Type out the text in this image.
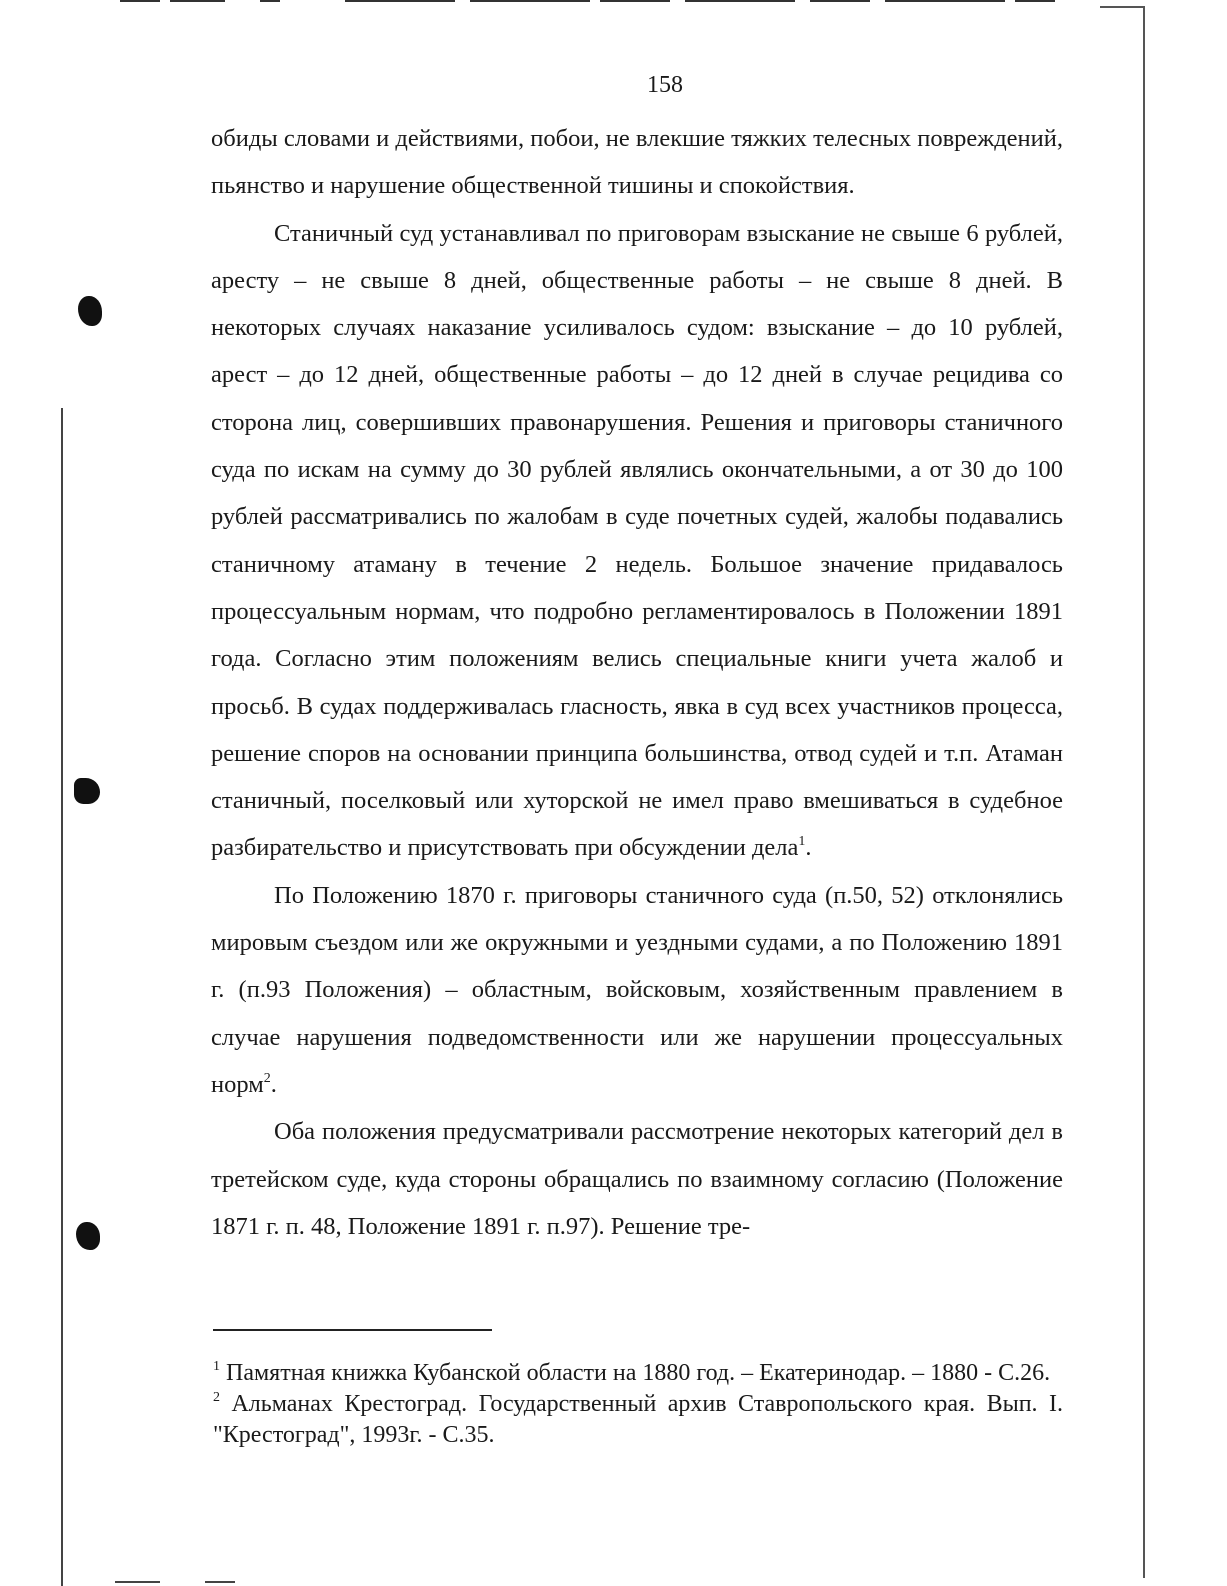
158

обиды словами и действиями, побои, не влекшие тяжких телесных повреждений, пьянство и нарушение общественной тишины и спокойствия.

Станичный суд устанавливал по приговорам взыскание не свыше 6 рублей, аресту – не свыше 8 дней, общественные работы – не свыше 8 дней. В некоторых случаях наказание усиливалось судом: взыскание – до 10 рублей, арест – до 12 дней, общественные работы – до 12 дней в случае рецидива со сторона лиц, совершивших правонарушения. Решения и приговоры станичного суда по искам на сумму до 30 рублей являлись окончательными, а от 30 до 100 рублей рассматривались по жалобам в суде почетных судей, жалобы подавались станичному атаману в течение 2 недель. Большое значение придавалось процессуальным нормам, что подробно регламентировалось в Положении 1891 года. Согласно этим положениям велись специальные книги учета жалоб и просьб. В судах поддерживалась гласность, явка в суд всех участников процесса, решение споров на основании принципа большинства, отвод судей и т.п. Атаман станичный, поселковый или хуторской не имел право вмешиваться в судебное разбирательство и присутствовать при обсуждении дела$^1$.

По Положению 1870 г. приговоры станичного суда (п.50, 52) отклонялись мировым съездом или же окружными и уездными судами, а по Положению 1891 г. (п.93 Положения) – областным, войсковым, хозяйственным правлением в случае нарушения подведомственности или же нарушении процессуальных норм$^2$.

Оба положения предусматривали рассмотрение некоторых категорий дел в третейском суде, куда стороны обращались по взаимному согласию (Положение 1871 г. п. 48, Положение 1891 г. п.97). Решение тре-

$^1$ Памятная книжка Кубанской области на 1880 год. – Екатеринодар. – 1880 - С.26.

$^2$ Альманах Крестоград. Государственный архив Ставропольского края. Вып. I. "Крестоград", 1993г. - С.35.
